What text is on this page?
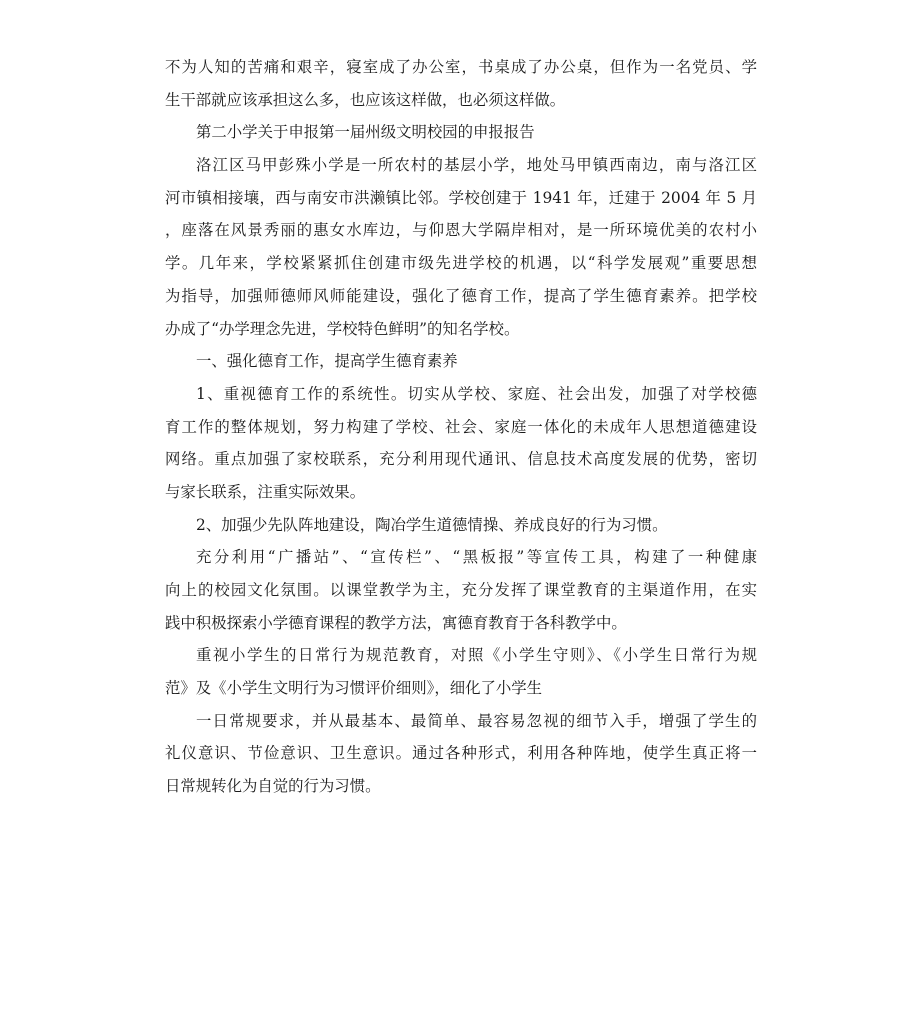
不为人知的苦痛和艰辛，寝室成了办公室，书桌成了办公桌，但作为一名党员、学
生干部就应该承担这么多，也应该这样做，也必须这样做。
第二小学关于申报第一届州级文明校园的申报报告
洛江区马甲彭殊小学是一所农村的基层小学，地处马甲镇西南边，南与洛江区
河市镇相接壤，西与南安市洪濑镇比邻。学校创建于 1941 年，迁建于 2004 年 5 月
，座落在风景秀丽的惠女水库边，与仰恩大学隔岸相对，是一所环境优美的农村小
学。几年来，学校紧紧抓住创建市级先进学校的机遇，以“科学发展观”重要思想
为指导，加强师德师风师能建设，强化了德育工作，提高了学生德育素养。把学校
办成了“办学理念先进，学校特色鲜明”的知名学校。
一、强化德育工作，提高学生德育素养
1、重视德育工作的系统性。切实从学校、家庭、社会出发，加强了对学校德
育工作的整体规划，努力构建了学校、社会、家庭一体化的未成年人思想道德建设
网络。重点加强了家校联系，充分利用现代通讯、信息技术高度发展的优势，密切
与家长联系，注重实际效果。
2、加强少先队阵地建设，陶冶学生道德情操、养成良好的行为习惯。
充分利用“广播站”、“宣传栏”、“黑板报”等宣传工具，构建了一种健康
向上的校园文化氛围。以课堂教学为主，充分发挥了课堂教育的主渠道作用，在实
践中积极探索小学德育课程的教学方法，寓德育教育于各科教学中。
重视小学生的日常行为规范教育，对照《小学生守则》、《小学生日常行为规
范》及《小学生文明行为习惯评价细则》，细化了小学生
一日常规要求，并从最基本、最简单、最容易忽视的细节入手，增强了学生的
礼仪意识、节俭意识、卫生意识。通过各种形式，利用各种阵地，使学生真正将一
日常规转化为自觉的行为习惯。
